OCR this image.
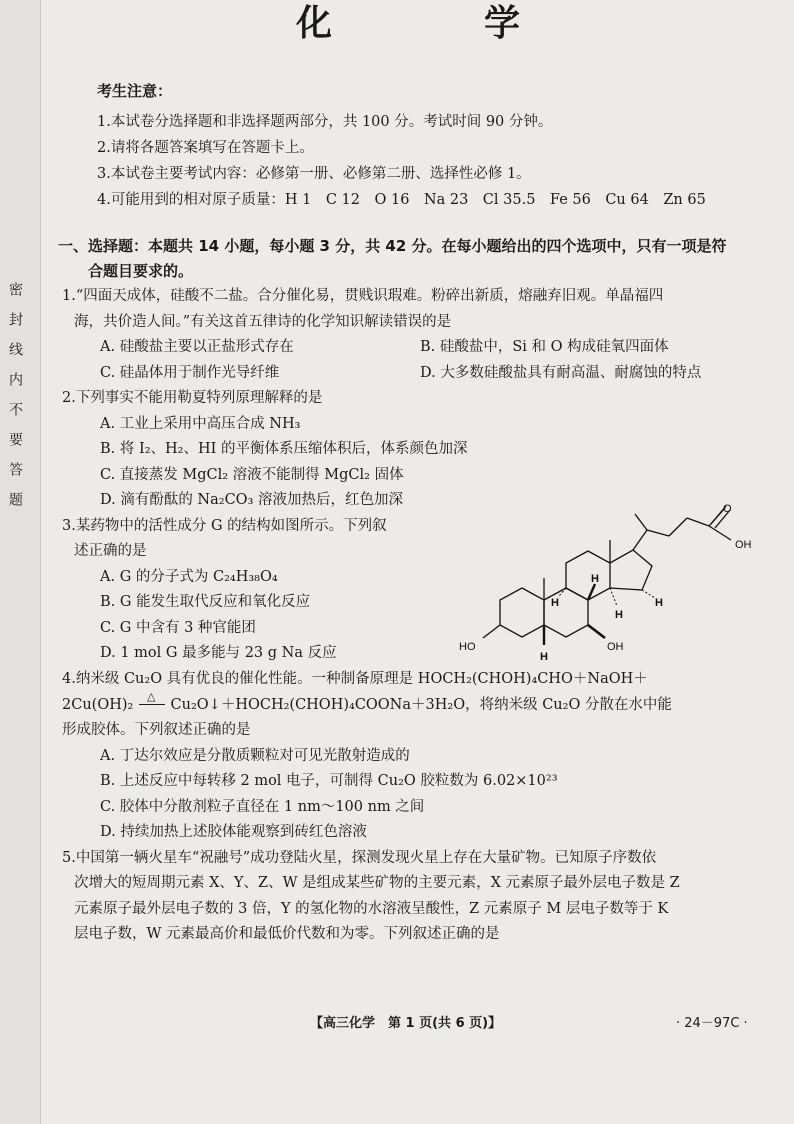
密封线内不要答题
化　学
考生注意：
1.本试卷分选择题和非选择题两部分，共 100 分。考试时间 90 分钟。
2.请将各题答案填写在答题卡上。
3.本试卷主要考试内容：必修第一册、必修第二册、选择性必修 1。
4.可能用到的相对原子质量：H 1　C 12　O 16　Na 23　Cl 35.5　Fe 56　Cu 64　Zn 65
一、选择题：本题共 14 小题，每小题 3 分，共 42 分。在每小题给出的四个选项中，只有一项是符
合题目要求的。
1.“四面天成体，硅酸不二盐。合分催化易，贯贱识瑕难。粉碎出新质，熔融弃旧观。单晶福四
海，共价造人间。”有关这首五律诗的化学知识解读错误的是
A. 硅酸盐主要以正盐形式存在	B. 硅酸盐中，Si 和 O 构成硅氧四面体
C. 硅晶体用于制作光导纤维	D. 大多数硅酸盐具有耐高温、耐腐蚀的特点
2.下列事实不能用勒夏特列原理解释的是
A. 工业上采用中高压合成 NH₃
B. 将 I₂、H₂、HI 的平衡体系压缩体积后，体系颜色加深
C. 直接蒸发 MgCl₂ 溶液不能制得 MgCl₂ 固体
D. 滴有酚酞的 Na₂CO₃ 溶液加热后，红色加深
3.某药物中的活性成分 G 的结构如图所示。下列叙
述正确的是
A. G 的分子式为 C₂₄H₃₈O₄
B. G 能发生取代反应和氧化反应
C. G 中含有 3 种官能团
D. 1 mol G 最多能与 23 g Na 反应
4.纳米级 Cu₂O 具有优良的催化性能。一种制备原理是 HOCH₂(CHOH)₄CHO＋NaOH＋
2Cu(OH)₂
△
Cu₂O↓＋HOCH₂(CHOH)₄COONa＋3H₂O，将纳米级 Cu₂O 分散在水中能
形成胶体。下列叙述正确的是
A. 丁达尔效应是分散质颗粒对可见光散射造成的
B. 上述反应中每转移 2 mol 电子，可制得 Cu₂O 胶粒数为 6.02×10²³
C. 胶体中分散剂粒子直径在 1 nm～100 nm 之间
D. 持续加热上述胶体能观察到砖红色溶液
5.中国第一辆火星车“祝融号”成功登陆火星，探测发现火星上存在大量矿物。已知原子序数依
次增大的短周期元素 X、Y、Z、W 是组成某些矿物的主要元素，X 元素原子最外层电子数是 Z
元素原子最外层电子数的 3 倍，Y 的氢化物的水溶液呈酸性，Z 元素原子 M 层电子数等于 K
层电子数，W 元素最高价和最低价代数和为零。下列叙述正确的是
O
OH
HO	OH
H
H
H
H	H
【高三化学　第 1 页(共 6 页)】	· 24－97C ·
